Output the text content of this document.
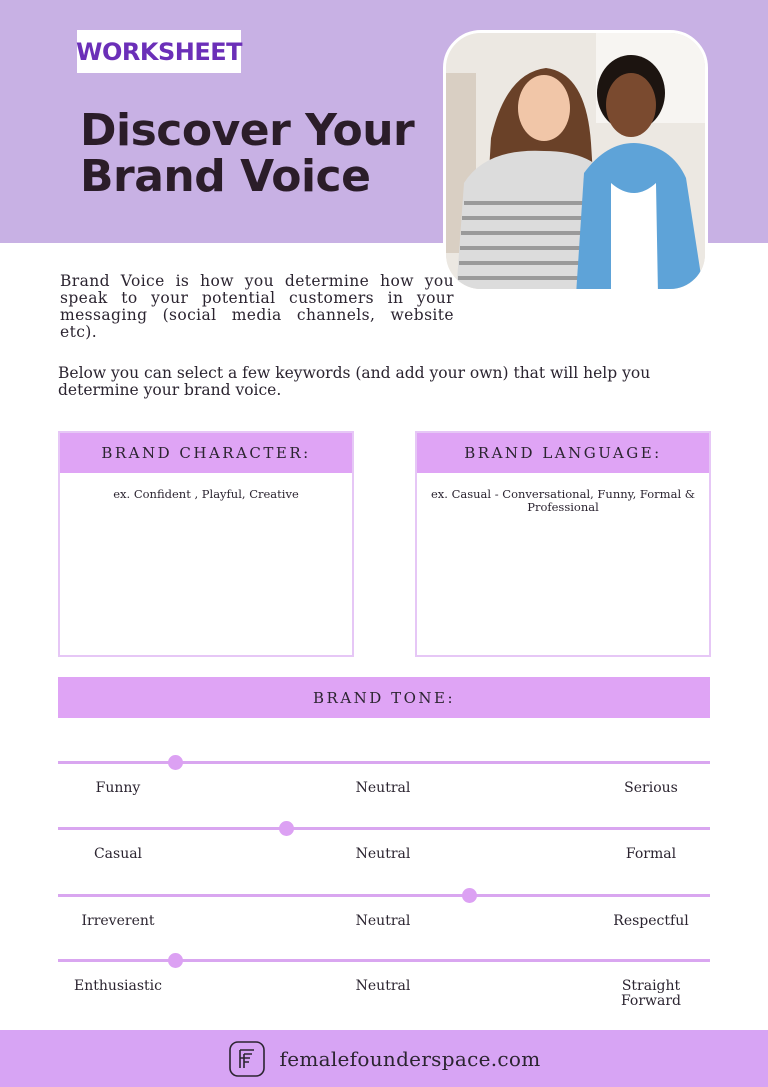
WORKSHEET
Discover Your
Brand Voice

Brand Voice is how you determine how you speak to your potential customers in your messaging (social media channels, website etc).

Below you can select a few keywords (and add your own) that will help you determine your brand voice.

BRAND CHARACTER:
ex. Confident , Playful, Creative
BRAND LANGUAGE:
ex. Casual - Conversational, Funny, Formal & Professional
BRAND TONE:
Funny	Neutral	Serious
Casual	Neutral	Formal
Irreverent	Neutral	Respectful
Enthusiastic	Neutral	Straight Forward
femalefounderspace.com
